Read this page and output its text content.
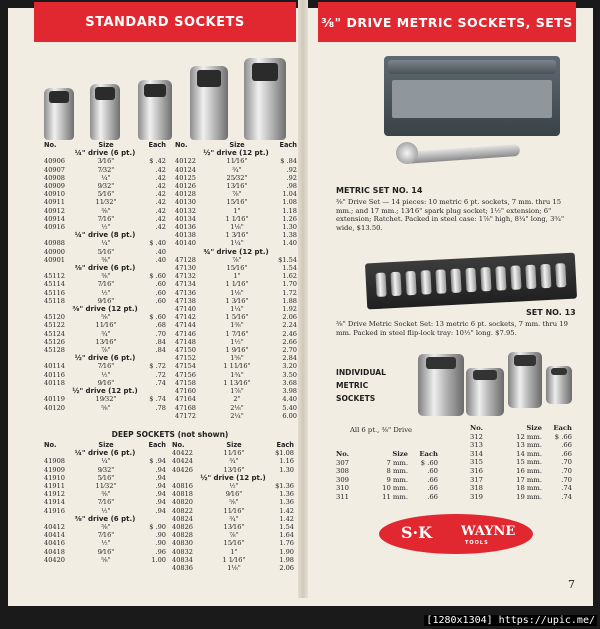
STANDARD SOCKETS
No.	Size	Each
¼" drive (6 pt.)
40906	3⁄16"	$ .42
40907	7⁄32"	.42
40908	¼"	.42
40909	9⁄32"	.42
40910	5⁄16"	.42
40911	11⁄32"	.42
40912	⅜"	.42
40914	7⁄16"	.42
40916	½"	.42
¼" drive (8 pt.)
40988	¼"	$ .40
40900	5⁄16"	.40
40901	⅜"	.40
⅜" drive (6 pt.)
45112	⅜"	$ .60
45114	7⁄16"	.60
45116	½"	.60
45118	9⁄16"	.60
⅜" drive (12 pt.)
45120	⅝"	$ .60
45122	11⁄16"	.68
45124	¾"	.70
45126	13⁄16"	.84
45128	⅞"	.84
½" drive (6 pt.)
40114	7⁄16"	$ .72
40116	½"	.72
40118	9⁄16"	.74
½" drive (12 pt.)
40119	19⁄32"	$ .74
40120	⅝"	.78
No.	Size	Each
½" drive (12 pt.)
40122	11⁄16"	$ .84
40124	¾"	.92
40125	25⁄32"	.92
40126	13⁄16"	.98
40128	⅞"	1.04
40130	15⁄16"	1.08
40132	1"	1.18
40134	1 1⁄16"	1.26
40136	1⅛"	1.30
40138	1 3⁄16"	1.38
40140	1¼"	1.40
¾" drive (12 pt.)
47128	⅞"	$1.54
47130	15⁄16"	1.54
47132	1"	1.62
47134	1 1⁄16"	1.70
47136	1⅛"	1.72
47138	1 3⁄16"	1.88
47140	1¼"	1.92
47142	1 5⁄16"	2.06
47144	1⅜"	2.24
47146	1 7⁄16"	2.46
47148	1½"	2.66
47150	1 9⁄16"	2.70
47152	1⅝"	2.84
47154	1 11⁄16"	3.20
47156	1¾"	3.50
47158	1 13⁄16"	3.68
47160	1⅞"	3.98
47164	2"	4.40
47168	2⅛"	5.40
47172	2¼"	6.00
DEEP SOCKETS (not shown)
No.	Size	Each
¼" drive (6 pt.)
41908	¼"	$ .94
41909	9⁄32"	.94
41910	5⁄16"	.94
41911	11⁄32"	.94
41912	⅜"	.94
41914	7⁄16"	.94
41916	½"	.94
⅜" drive (6 pt.)
40412	⅜"	$ .90
40414	7⁄16"	.90
40416	½"	.90
40418	9⁄16"	.96
40420	⅝"	1.00
No.	Size	Each
40422	11⁄16"	$1.08
40424	¾"	1.16
40426	13⁄16"	1.30
½" drive (12 pt.)
40816	½"	$1.36
40818	9⁄16"	1.36
40820	⅝"	1.36
40822	11⁄16"	1.42
40824	¾"	1.42
40826	13⁄16"	1.54
40828	⅞"	1.64
40830	15⁄16"	1.76
40832	1"	1.90
40834	1 1⁄16"	1.98
40836	1⅛"	2.06
⅜" DRIVE METRIC SOCKETS, SETS
METRIC SET NO. 14
⅜" Drive Set — 14 pieces: 10 metric 6 pt. sockets, 7 mm. thru 15 mm.; and 17 mm.; 13⁄16" spark plug socket; 1½" extension; 6" extension; Ratchet. Packed in steel case: 1⅞" high, 8¼" long, 3¾" wide, $13.50.
SET NO. 13
⅜" Drive Metric Socket Set: 13 metric 6 pt. sockets, 7 mm. thru 19 mm. Packed in steel flip-lock tray: 10½" long. $7.95.
INDIVIDUAL
METRIC
SOCKETS
All 6 pt., ⅜" Drive
No.	Size Each
307	7 mm. $ .60
308	8 mm.	.60
309	9 mm.	.66
310	10 mm.	.66
311	11 mm.	.66
No.	Size Each
312	12 mm. $ .66
313	13 mm.	.66
314	14 mm.	.66
315	15 mm.	.70
316	16 mm.	.70
317	17 mm.	.70
318	18 mm.	.74
319	19 mm.	.74
S·K WAYNE
TOOLS
7
[1280x1304] https://upic.me/
